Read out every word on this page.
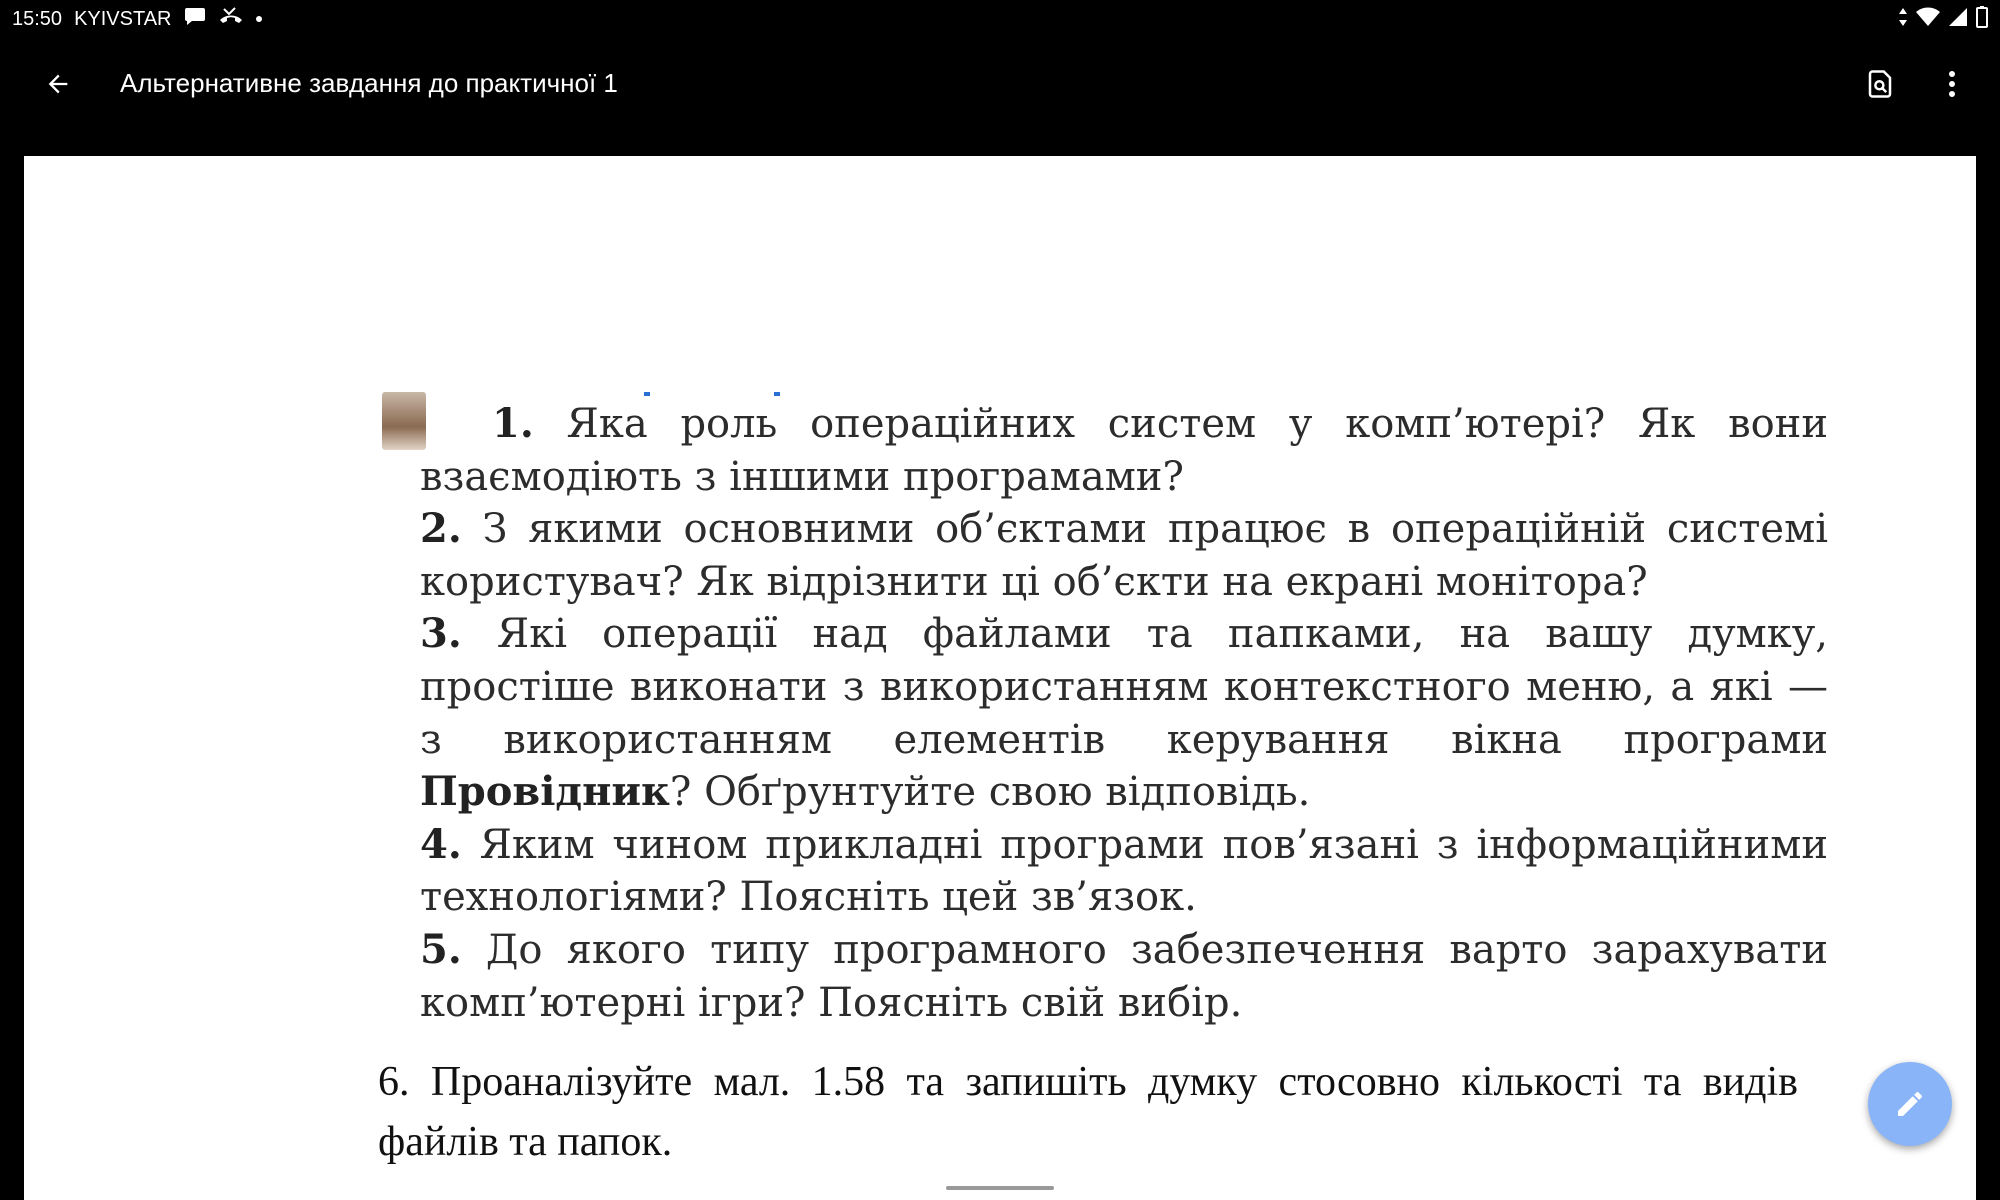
15:50 KYIVSTAR
Альтернативне завдання до практичної 1

1. Яка роль операційних систем у комп’ютері? Як вони взаємодіють з іншими програмами?

2. З якими основними об’єктами працює в операційній системі користувач? Як відрізнити ці об’єкти на екрані монітора?

3. Які операції над файлами та папками, на вашу думку, простіше виконати з використанням контекстного меню, а які — з використанням елементів керування вікна програми Провідник? Обґрунтуйте свою відповідь.

4. Яким чином прикладні програми пов’язані з інформаційними технологіями? Поясніть цей зв’язок.

5. До якого типу програмного забезпечення варто зарахувати комп’ютерні ігри? Поясніть свій вибір.

6. Проаналізуйте мал. 1.58 та запишіть думку стосовно кількості та видів файлів та папок.
